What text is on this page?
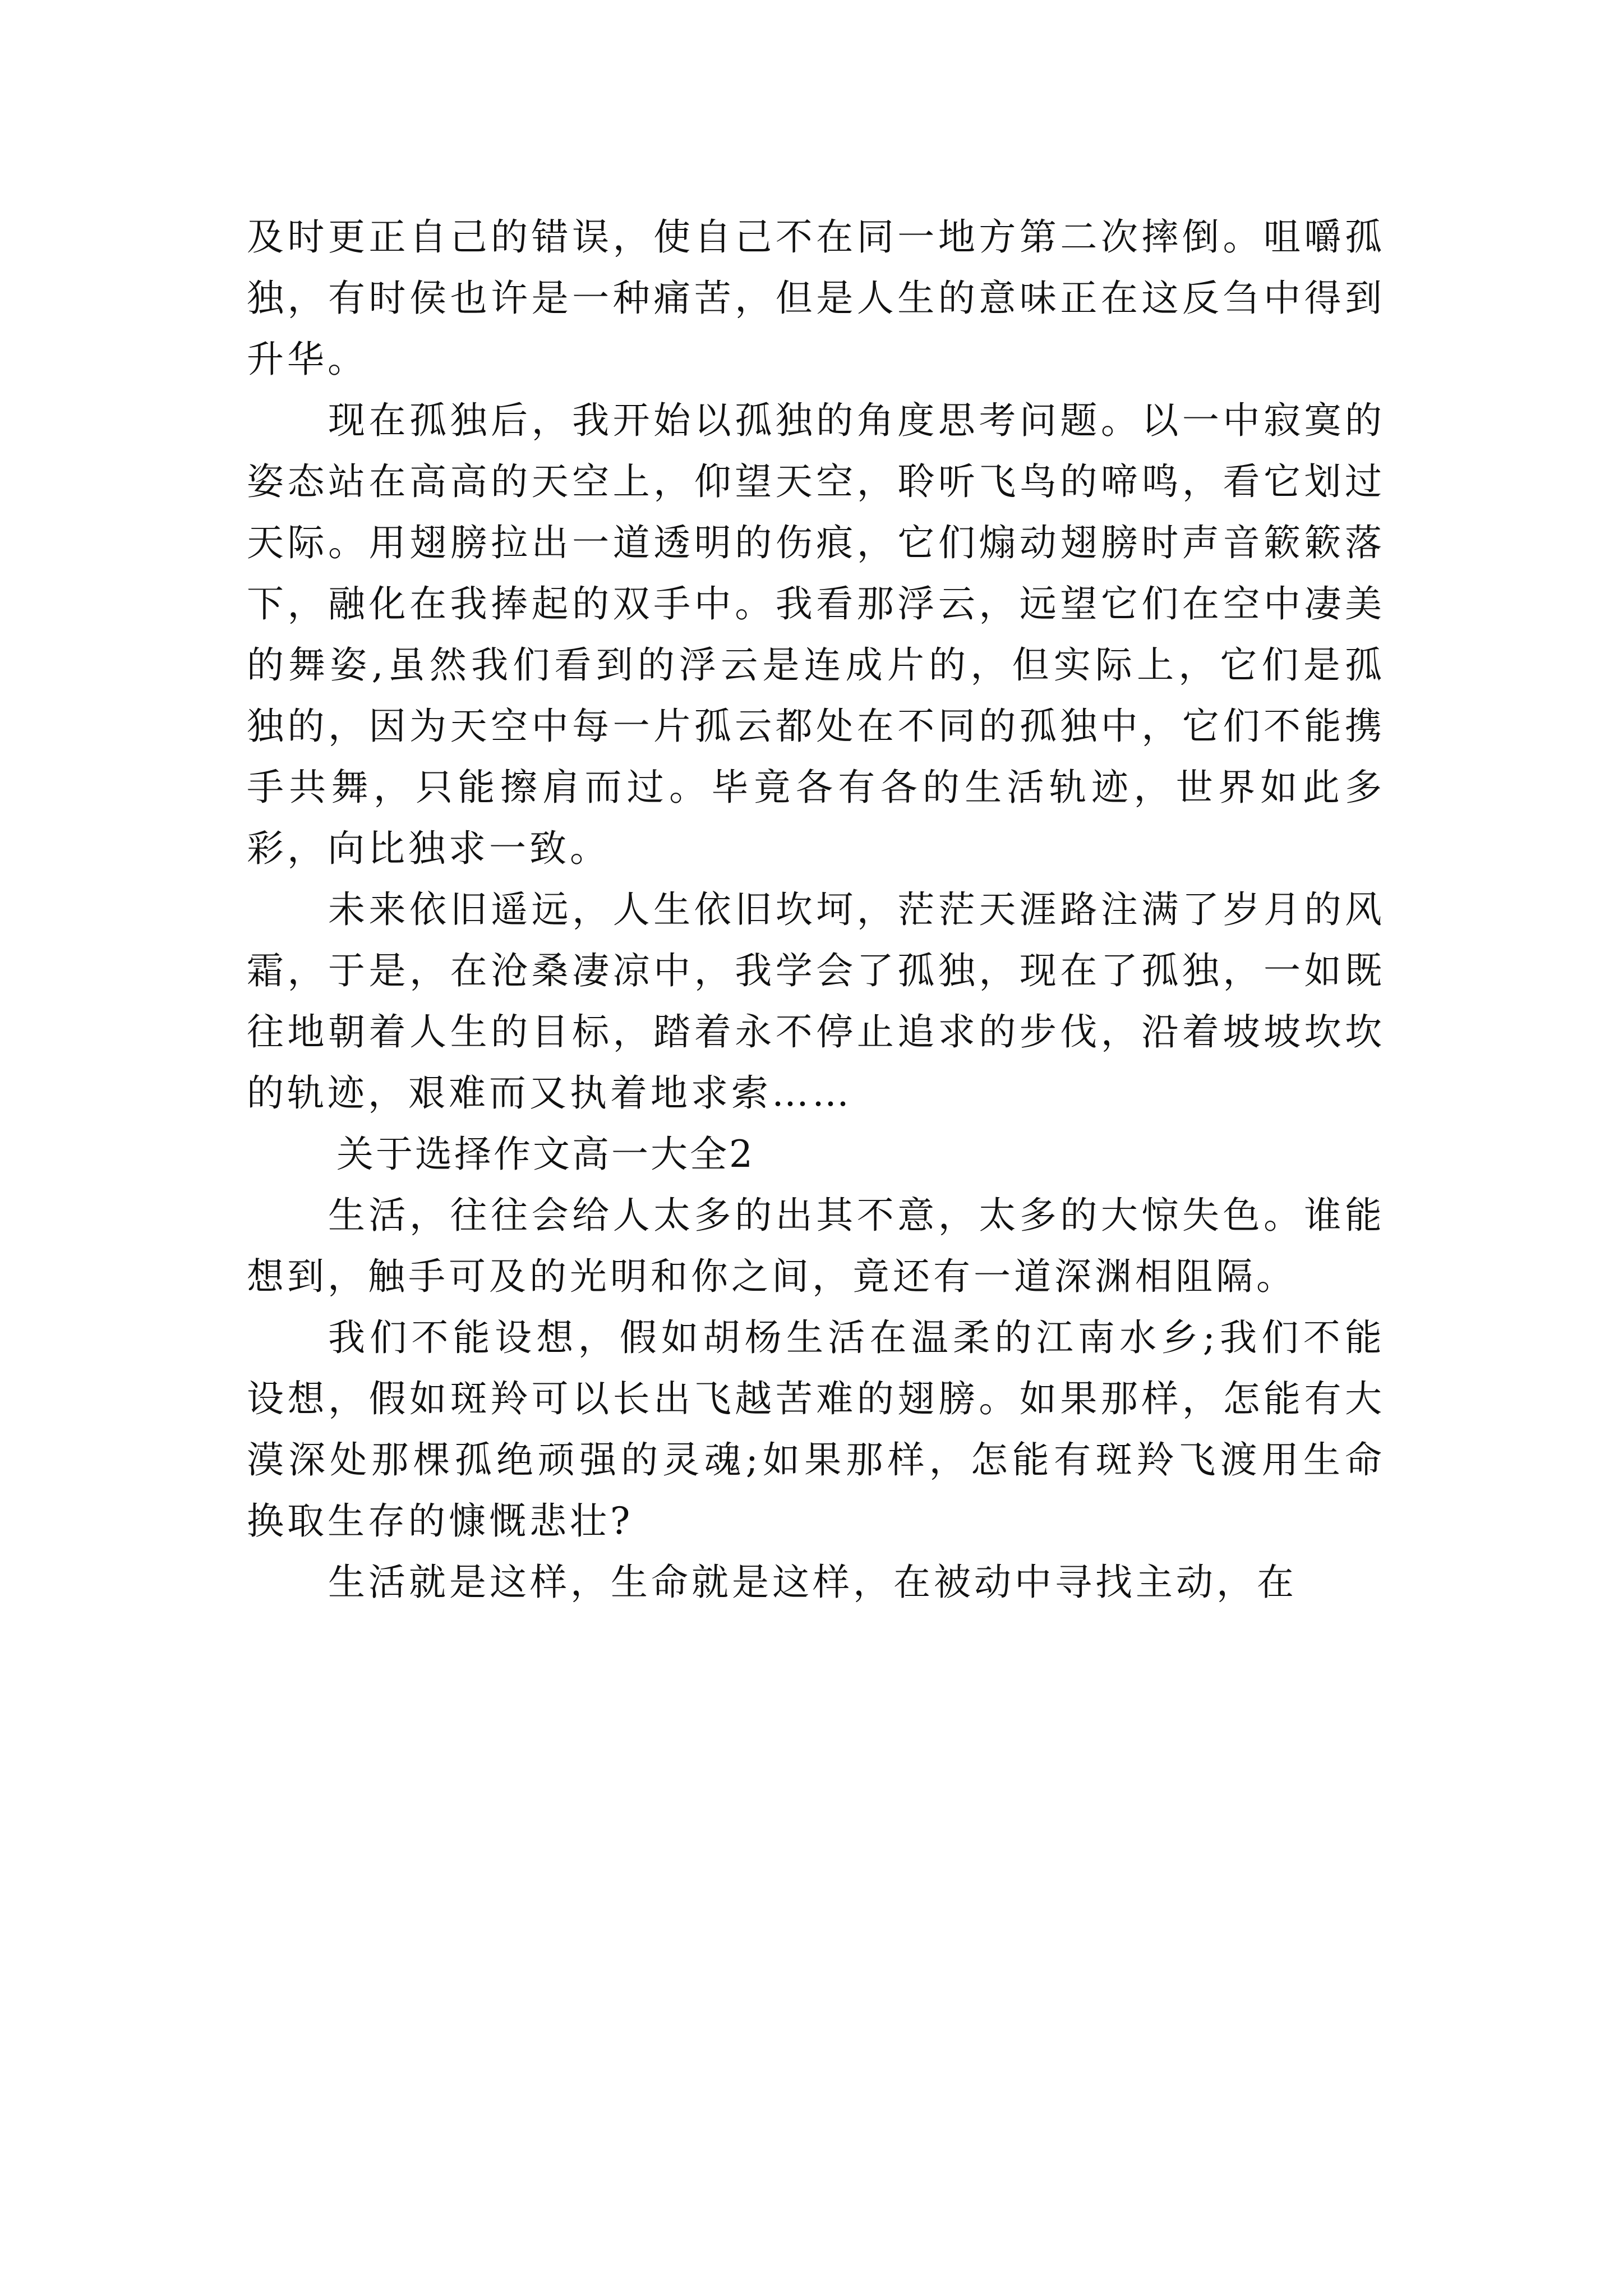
及时更正自己的错误，使自己不在同一地方第二次摔倒。咀嚼孤独，有时侯也许是一种痛苦，但是人生的意味正在这反刍中得到升华。

现在孤独后，我开始以孤独的角度思考问题。以一中寂寞的姿态站在高高的天空上，仰望天空，聆听飞鸟的啼鸣，看它划过天际。用翅膀拉出一道透明的伤痕，它们煽动翅膀时声音簌簌落下，融化在我捧起的双手中。我看那浮云，远望它们在空中凄美的舞姿,虽然我们看到的浮云是连成片的，但实际上，它们是孤独的，因为天空中每一片孤云都处在不同的孤独中，它们不能携手共舞，只能擦肩而过。毕竟各有各的生活轨迹，世界如此多彩，向比独求一致。

未来依旧遥远，人生依旧坎坷，茫茫天涯路注满了岁月的风霜，于是，在沧桑凄凉中，我学会了孤独，现在了孤独，一如既往地朝着人生的目标，踏着永不停止追求的步伐，沿着坡坡坎坎的轨迹，艰难而又执着地求索……

关于选择作文高一大全2

生活，往往会给人太多的出其不意，太多的大惊失色。谁能想到，触手可及的光明和你之间，竟还有一道深渊相阻隔。

我们不能设想，假如胡杨生活在温柔的江南水乡;我们不能设想，假如斑羚可以长出飞越苦难的翅膀。如果那样，怎能有大漠深处那棵孤绝顽强的灵魂;如果那样，怎能有斑羚飞渡用生命换取生存的慷慨悲壮?

生活就是这样，生命就是这样，在被动中寻找主动，在
